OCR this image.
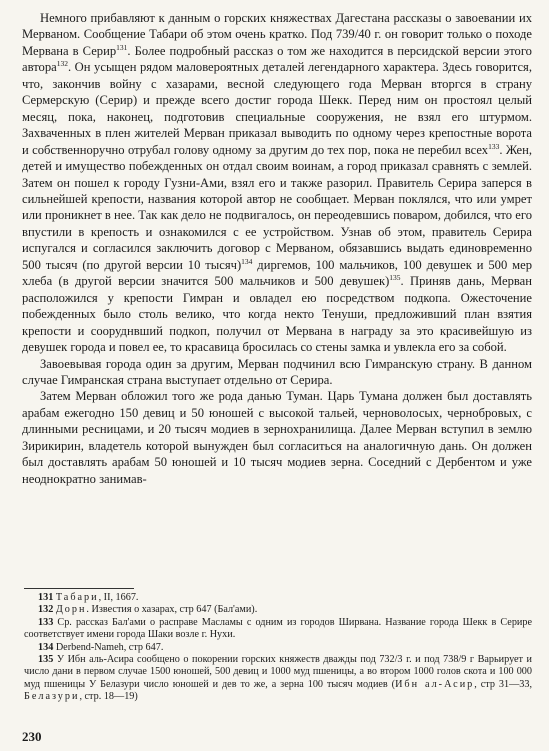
Немного прибавляют к данным о горских княжествах Дагестана рассказы о завоевании их Мерваном. Сообщение Табари об этом очень кратко. Под 739/40 г. он говорит только о походе Мервана в Серир$^{131}$. Более подробный рассказ о том же находится в персидской версии этого автора$^{132}$. Он усыщен рядом маловероятных деталей легендарного характера. Здесь говорится, что, закончив войну с хазарами, весной следующего года Мерван вторгся в страну Сермерскую (Серир) и прежде всего достиг города Шекк. Перед ним он простоял целый месяц, пока, наконец, подготовив специальные сооружения, не взял его штурмом. Захваченных в плен жителей Мерван приказал выводить по одному через крепостные ворота и собственноручно отрубал голову одному за другим до тех пор, пока не перебил всех$^{133}$. Жен, детей и имущество побежденных он отдал своим воинам, а город приказал сравнять с землей. Затем он пошел к городу Гузни-Ами, взял его и также разорил. Правитель Серира заперся в сильнейшей крепости, названия которой автор не сообщает. Мерван поклялся, что или умрет или проникнет в нее. Так как дело не подвигалось, он переодевшись поваром, добился, что его впустили в крепость и ознакомился с ее устройством. Узнав об этом, правитель Серира испугался и согласился заключить договор с Мерваном, обязавшись выдать единовременно 500 тысяч (по другой версии 10 тысяч)$^{134}$ диргемов, 100 мальчиков, 100 девушек и 500 мер хлеба (в другой версии значится 500 мальчиков и 500 девушек)$^{135}$. Приняв дань, Мерван расположился у крепости Гимран и овладел ею посредством подкопа. Ожесточение побежденных было столь велико, что когда некто Тенуши, предложивший план взятия крепости и сооруднвший подкоп, получил от Мервана в награду за это красивейшую из девушек города и повел ее, то красавица бросилась со стены замка и увлекла его за собой.

Завоевывая города один за другим, Мерван подчинил всю Гимранскую страну. В данном случае Гимранская страна выступает отдельно от Серира.

Затем Мерван обложил того же рода данью Туман. Царь Тумана должен был доставлять арабам ежегодно 150 девиц и 50 юношей с высокой тальей, черноволосых, чернобровых, с длинными ресницами, и 20 тысяч модиев в зернохранилища. Далее Мерван вступил в землю Зирикирин, владетель которой вынужден был согласиться на аналогичную дань. Он должен был доставлять арабам 50 юношей и 10 тысяч модиев зерна. Соседний с Дербентом и уже неоднократно занимав-

131 Табари, II, 1667.

132 Дорн. Известия о хазарах, стр 647 (Бал'ами).

133 Ср. рассказ Бал'ами о расправе Масламы с одним из городов Ширвана. Название города Шекк в Серире соответствует имени города Шаки возле г. Нухи.

134 Derbend-Nameh, стр 647.

135 У Ибн аль-Асира сообщено о покорении горских княжеств дважды под 732/3 г. и под 738/9 г Варьирует и число дани в первом случае 1500 юношей, 500 девиц и 1000 муд пшеницы, а во втором 1000 голов скота и 100 000 муд пшеницы У Белазури число юношей и дев то же, а зерна 100 тысяч модиев (Ибн ал-Асир, стр 31—33, Белазури, стр. 18—19)

230
